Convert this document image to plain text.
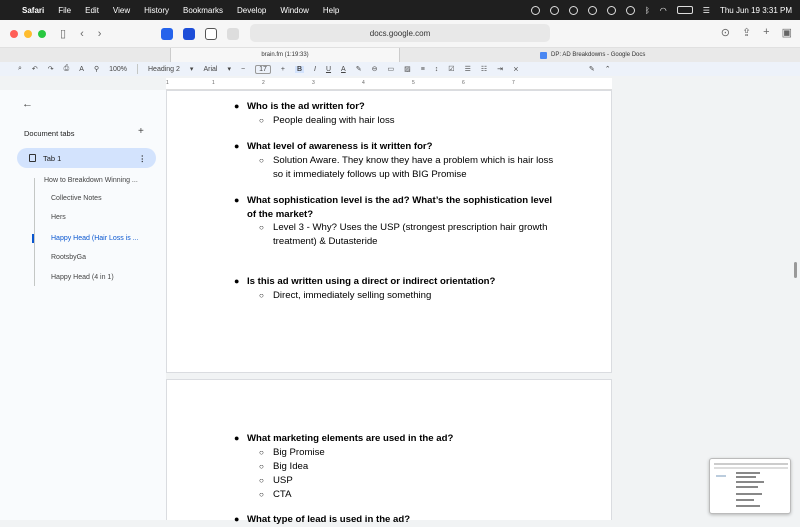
Safari File Edit View History Bookmarks Develop Window Help	ᛒ ◠	☰ Thu Jun 19 3:31 PM
▯ ‹ ›	docs.google.com	⊙ ⇪ + ▣
brain.fm (1:19:33)	DP: AD Breakdowns - Google Docs
⌕ ↶ ↷ ⎙ A ⚲ 100%	Heading 2 ▾ Arial ▾ −	17	+ B I U A ✎ ⊖ ▭ ▨ ≡ ↕ ☑ ☰ ☷ ⇥ ⨯	✎ ⌃
1	1	2	3	4	5	6	7
←
Document tabs	+
Tab 1	⋮
How to Breakdown Winning ...
Collective Notes
Hers
Happy Head (Hair Loss is ...
RootsbyGa
Happy Head (4 in 1)
● Who is the ad written for?
○ People dealing with hair loss
● What level of awareness is it written for?
○ Solution Aware. They know they have a problem which is hair loss so it immediately follows up with BIG Promise
● What sophistication level is the ad? What’s the sophistication level of the market?
○ Level 3 - Why? Uses the USP (strongest prescription hair growth treatment) & Dutasteride
● Is this ad written using a direct or indirect orientation?
○ Direct, immediately selling something
● What marketing elements are used in the ad?
○ Big Promise
○ Big Idea
○ USP
○ CTA
● What type of lead is used in the ad?
